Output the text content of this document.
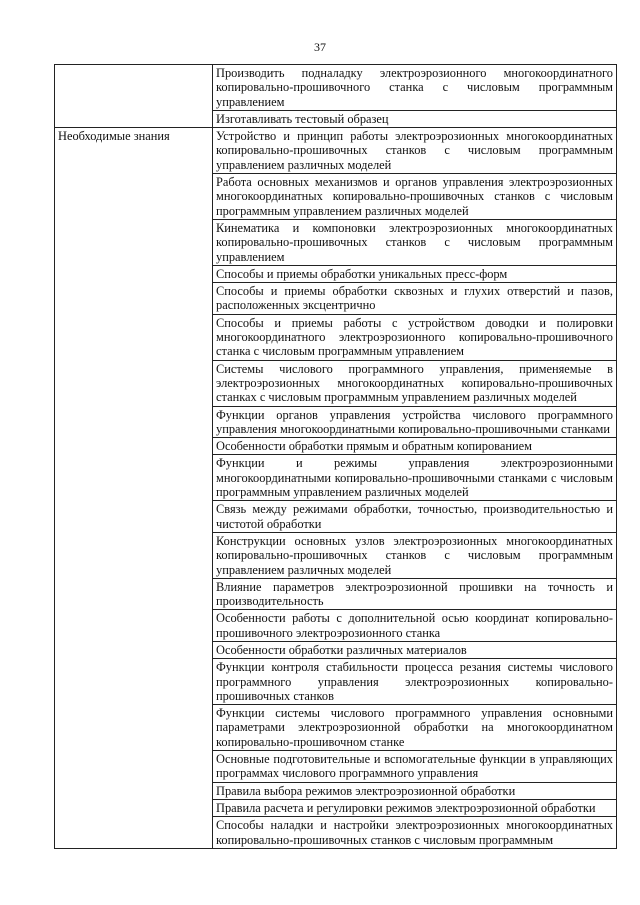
37
	Производить подналадку электроэрозионного многокоординатного копировально-прошивочного станка с числовым программным управлением
	Изготавливать тестовый образец
Необходимые знания	Устройство и принцип работы электроэрозионных многокоординатных копировально-прошивочных станков с числовым программным управлением различных моделей
	Работа основных механизмов и органов управления электроэрозионных многокоординатных копировально-прошивочных станков с числовым программным управлением различных моделей
	Кинематика и компоновки электроэрозионных многокоординатных копировально-прошивочных станков с числовым программным управлением
	Способы и приемы обработки уникальных пресс-форм
	Способы и приемы обработки сквозных и глухих отверстий и пазов, расположенных эксцентрично
	Способы и приемы работы с устройством доводки и полировки многокоординатного электроэрозионного копировально-прошивочного станка с числовым программным управлением
	Системы числового программного управления, применяемые в электроэрозионных многокоординатных копировально-прошивочных станках с числовым программным управлением различных моделей
	Функции органов управления устройства числового программного управления многокоординатными копировально-прошивочными станками
	Особенности обработки прямым и обратным копированием
	Функции и режимы управления электроэрозионными многокоординатными копировально-прошивочными станками с числовым программным управлением различных моделей
	Связь между режимами обработки, точностью, производительностью и чистотой обработки
	Конструкции основных узлов электроэрозионных многокоординатных копировально-прошивочных станков с числовым программным управлением различных моделей
	Влияние параметров электроэрозионной прошивки на точность и производительность
	Особенности работы с дополнительной осью координат копировально-прошивочного электроэрозионного станка
	Особенности обработки различных материалов
	Функции контроля стабильности процесса резания системы числового программного управления электроэрозионных копировально-прошивочных станков
	Функции системы числового программного управления основными параметрами электроэрозионной обработки на многокоординатном копировально-прошивочном станке
	Основные подготовительные и вспомогательные функции в управляющих программах числового программного управления
	Правила выбора режимов электроэрозионной обработки
	Правила расчета и регулировки режимов электроэрозионной обработки
	Способы наладки и настройки электроэрозионных многокоординатных копировально-прошивочных станков с числовым программным
